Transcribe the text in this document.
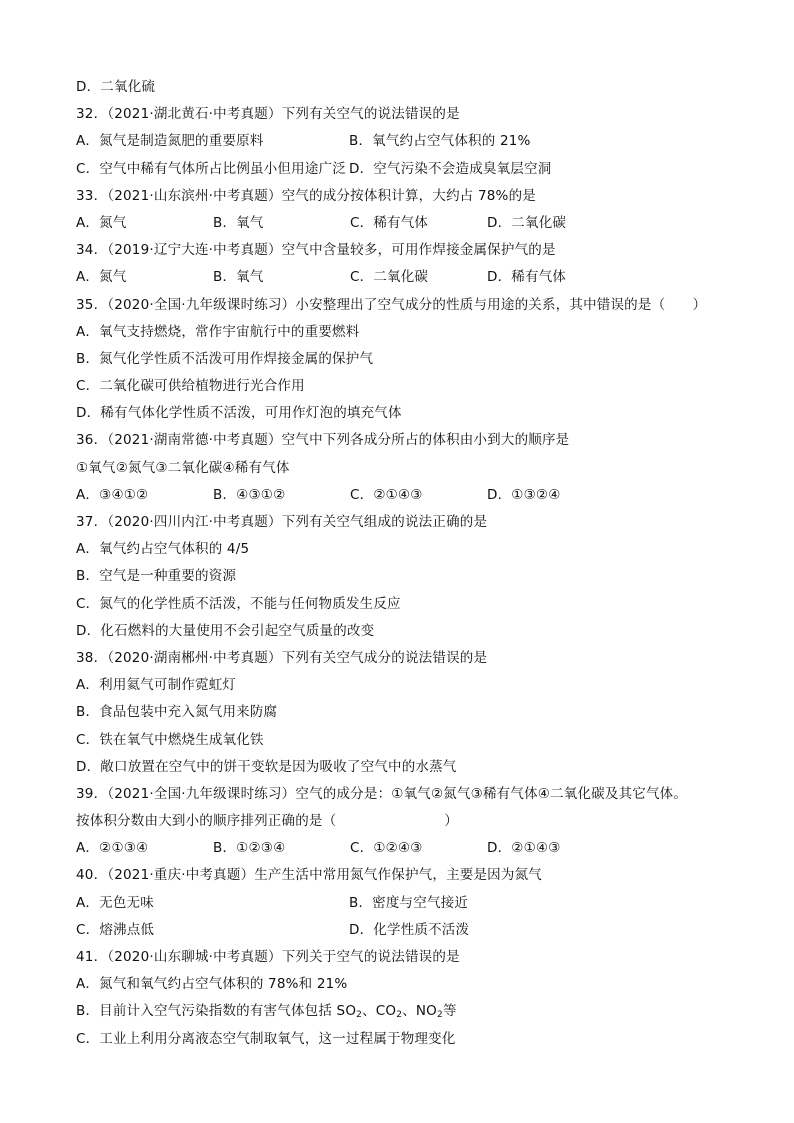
D．二氧化硫
32．（2021·湖北黄石·中考真题）下列有关空气的说法错误的是
A．氮气是制造氮肥的重要原料	B．氧气约占空气体积的 21%
C．空气中稀有气体所占比例虽小但用途广泛 D．空气污染不会造成臭氧层空洞
33．（2021·山东滨州·中考真题）空气的成分按体积计算，大约占 78%的是
A．氮气	B．氧气	C．稀有气体	D．二氧化碳
34．（2019·辽宁大连·中考真题）空气中含量较多，可用作焊接金属保护气的是
A．氮气	B．氧气	C．二氧化碳	D．稀有气体
35．（2020·全国·九年级课时练习）小安整理出了空气成分的性质与用途的关系，其中错误的是（　　）
A．氧气支持燃烧，常作宇宙航行中的重要燃料
B．氮气化学性质不活泼可用作焊接金属的保护气
C．二氧化碳可供给植物进行光合作用
D．稀有气体化学性质不活泼，可用作灯泡的填充气体
36．（2021·湖南常德·中考真题）空气中下列各成分所占的体积由小到大的顺序是
①氧气②氮气③二氧化碳④稀有气体
A．③④①②	B．④③①②	C．②①④③	D．①③②④
37．（2020·四川内江·中考真题）下列有关空气组成的说法正确的是
A．氧气约占空气体积的 4/5
B．空气是一种重要的资源
C．氮气的化学性质不活泼，不能与任何物质发生反应
D．化石燃料的大量使用不会引起空气质量的改变
38．（2020·湖南郴州·中考真题）下列有关空气成分的说法错误的是
A．利用氦气可制作霓虹灯
B．食品包装中充入氮气用来防腐
C．铁在氧气中燃烧生成氧化铁
D．敞口放置在空气中的饼干变软是因为吸收了空气中的水蒸气
39．（2021·全国·九年级课时练习）空气的成分是：①氧气②氮气③稀有气体④二氧化碳及其它气体。
按体积分数由大到小的顺序排列正确的是（	）
A．②①③④	B．①②③④	C．①②④③	D．②①④③
40．（2021·重庆·中考真题）生产生活中常用氮气作保护气，主要是因为氮气
A．无色无味	B．密度与空气接近
C．熔沸点低	D．化学性质不活泼
41．（2020·山东聊城·中考真题）下列关于空气的说法错误的是
A．氮气和氧气约占空气体积的 78%和 21%
B．目前计入空气污染指数的有害气体包括 $SO_2$、$CO_2$、$NO_2$等
C．工业上利用分离液态空气制取氧气，这一过程属于物理变化
